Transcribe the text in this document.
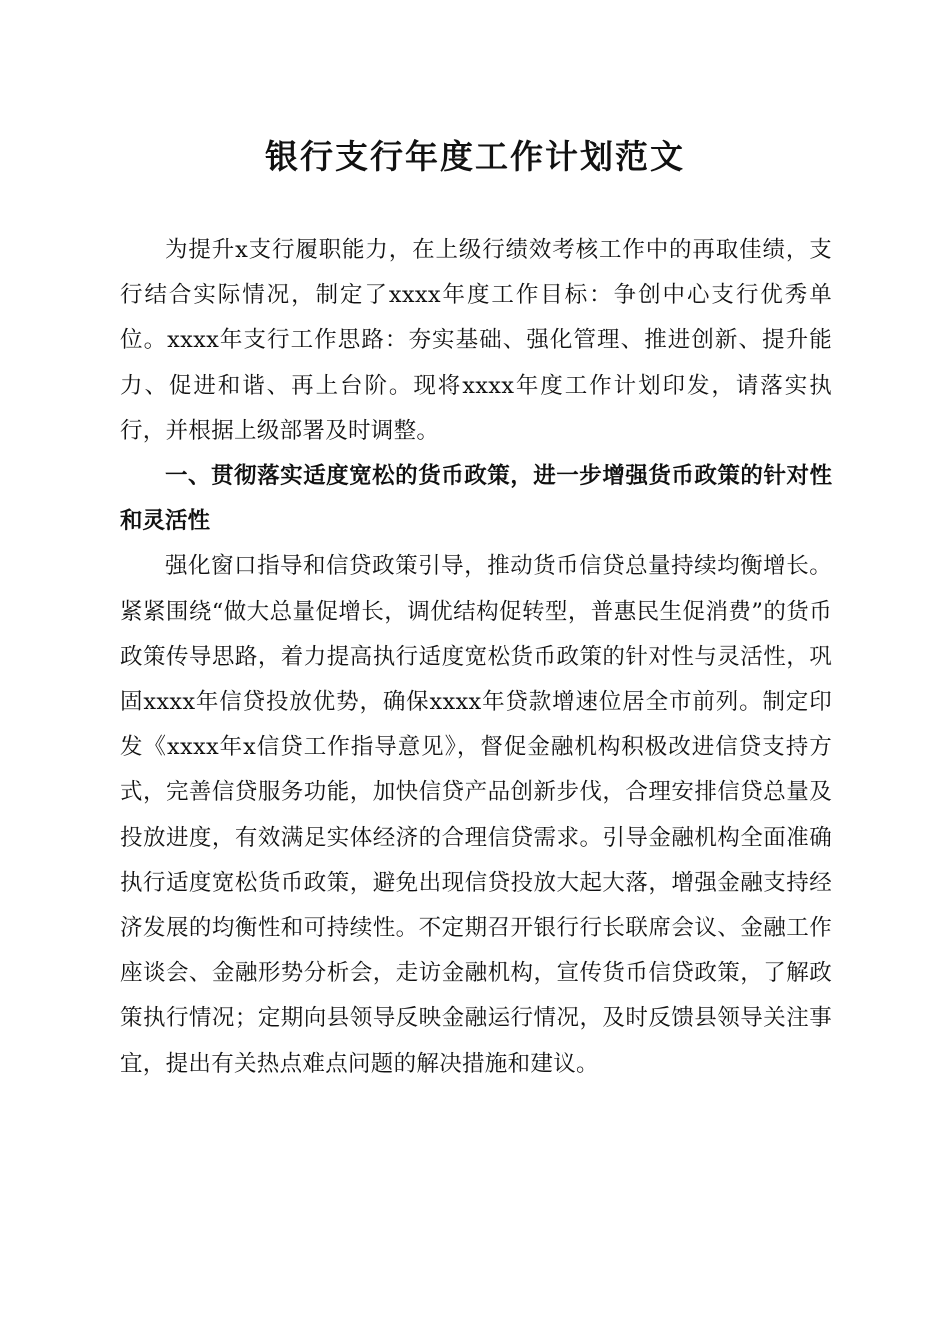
银行支行年度工作计划范文

为提升x支行履职能力，在上级行绩效考核工作中的再取佳绩，支行结合实际情况，制定了xxxx年度工作目标：争创中心支行优秀单位。xxxx年支行工作思路：夯实基础、强化管理、推进创新、提升能力、促进和谐、再上台阶。现将xxxx年度工作计划印发，请落实执行，并根据上级部署及时调整。

一、贯彻落实适度宽松的货币政策，进一步增强货币政策的针对性和灵活性

强化窗口指导和信贷政策引导，推动货币信贷总量持续均衡增长。紧紧围绕“做大总量促增长，调优结构促转型，普惠民生促消费”的货币政策传导思路，着力提高执行适度宽松货币政策的针对性与灵活性，巩固xxxx年信贷投放优势，确保xxxx年贷款增速位居全市前列。制定印发《xxxx年x信贷工作指导意见》，督促金融机构积极改进信贷支持方式，完善信贷服务功能，加快信贷产品创新步伐，合理安排信贷总量及投放进度，有效满足实体经济的合理信贷需求。引导金融机构全面准确执行适度宽松货币政策，避免出现信贷投放大起大落，增强金融支持经济发展的均衡性和可持续性。不定期召开银行行长联席会议、金融工作座谈会、金融形势分析会，走访金融机构，宣传货币信贷政策，了解政策执行情况；定期向县领导反映金融运行情况，及时反馈县领导关注事宜，提出有关热点难点问题的解决措施和建议。
